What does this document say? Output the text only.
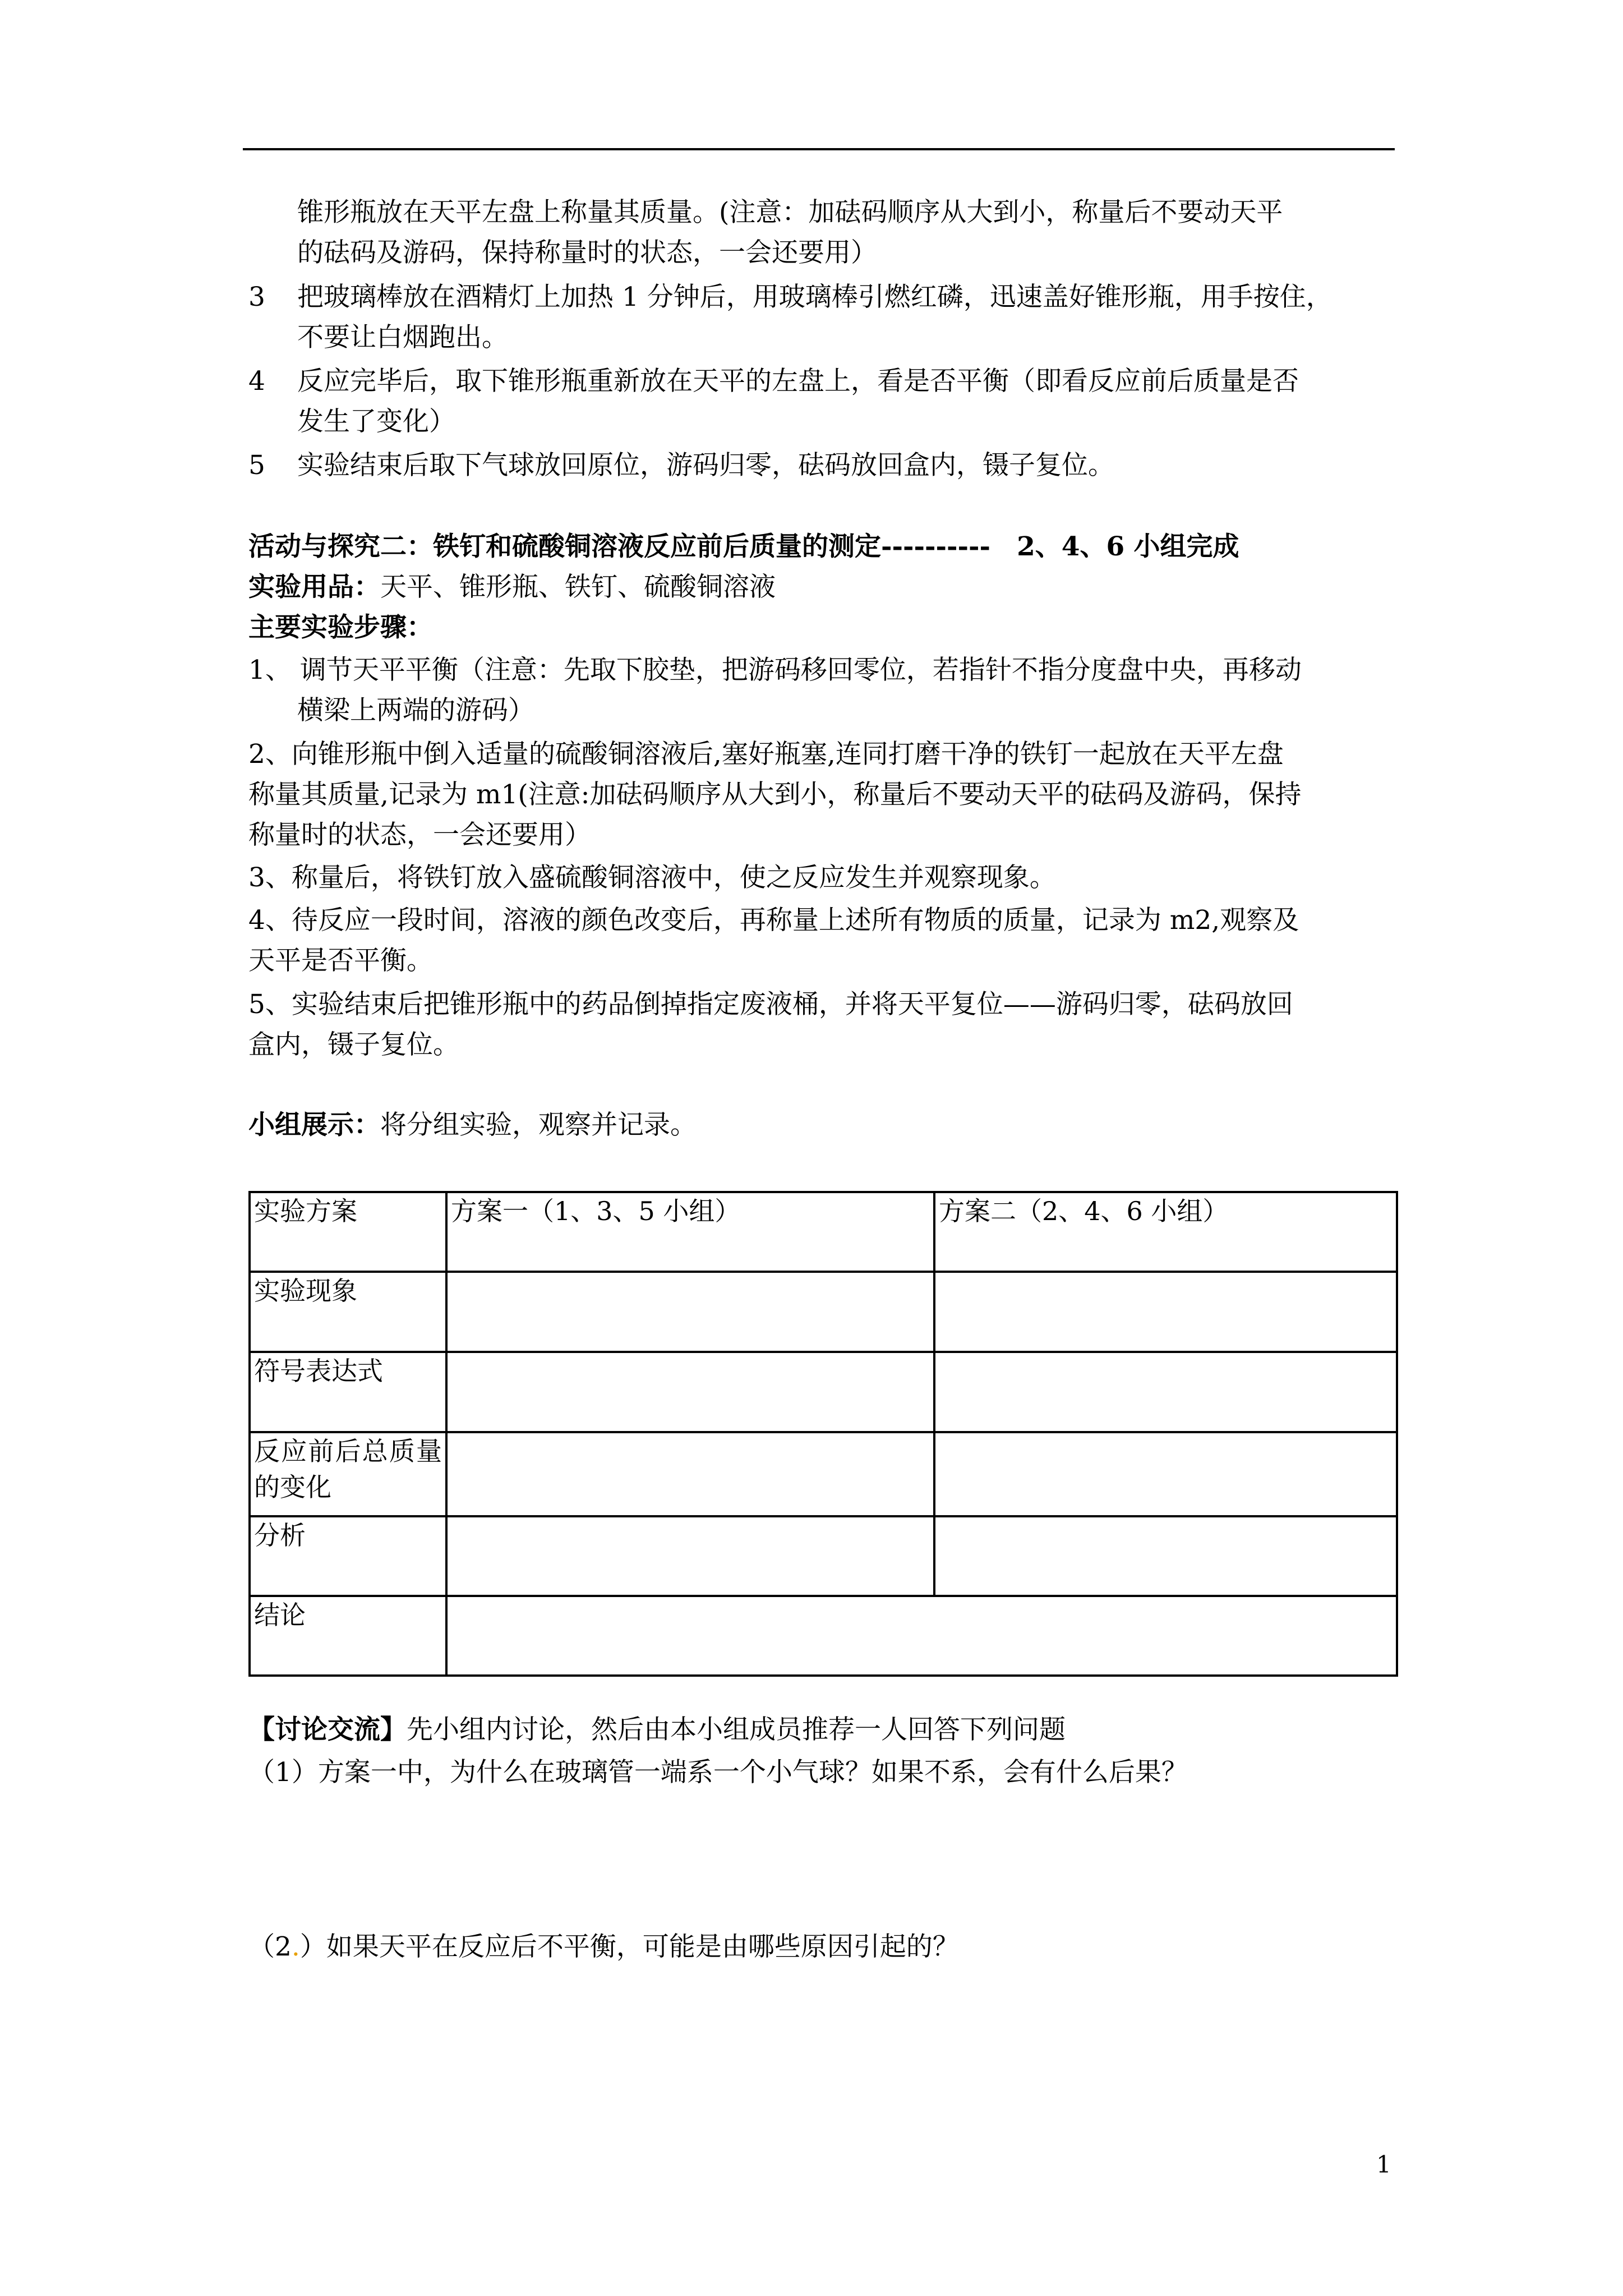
锥形瓶放在天平左盘上称量其质量。(注意：加砝码顺序从大到小，称量后不要动天平
的砝码及游码，保持称量时的状态，一会还要用）
3 把玻璃棒放在酒精灯上加热 1 分钟后，用玻璃棒引燃红磷，迅速盖好锥形瓶，用手按住，
不要让白烟跑出。
4 反应完毕后，取下锥形瓶重新放在天平的左盘上，看是否平衡（即看反应前后质量是否
发生了变化）
5 实验结束后取下气球放回原位，游码归零，砝码放回盒内，镊子复位。
活动与探究二：铁钉和硫酸铜溶液反应前后质量的测定----------　2、4、6 小组完成
实验用品：天平、锥形瓶、铁钉、硫酸铜溶液
主要实验步骤：
1、 调节天平平衡（注意：先取下胶垫，把游码移回零位，若指针不指分度盘中央，再移动
横梁上两端的游码）
2、向锥形瓶中倒入适量的硫酸铜溶液后,塞好瓶塞,连同打磨干净的铁钉一起放在天平左盘
称量其质量,记录为 m1(注意:加砝码顺序从大到小，称量后不要动天平的砝码及游码，保持
称量时的状态，一会还要用）
3、称量后，将铁钉放入盛硫酸铜溶液中，使之反应发生并观察现象。
4、待反应一段时间，溶液的颜色改变后，再称量上述所有物质的质量，记录为 m2,观察及
天平是否平衡。
5、实验结束后把锥形瓶中的药品倒掉指定废液桶，并将天平复位——游码归零，砝码放回
盒内，镊子复位。
小组展示：将分组实验，观察并记录。
实验方案	方案一（1、3、5 小组）	方案二（2、4、6 小组）
实验现象		
符号表达式		
反应前后总质量的变化		
分析		
结论		
【讨论交流】先小组内讨论，然后由本小组成员推荐一人回答下列问题
（1）方案一中，为什么在玻璃管一端系一个小气球？如果不系，会有什么后果？
（2.）如果天平在反应后不平衡，可能是由哪些原因引起的？
1
